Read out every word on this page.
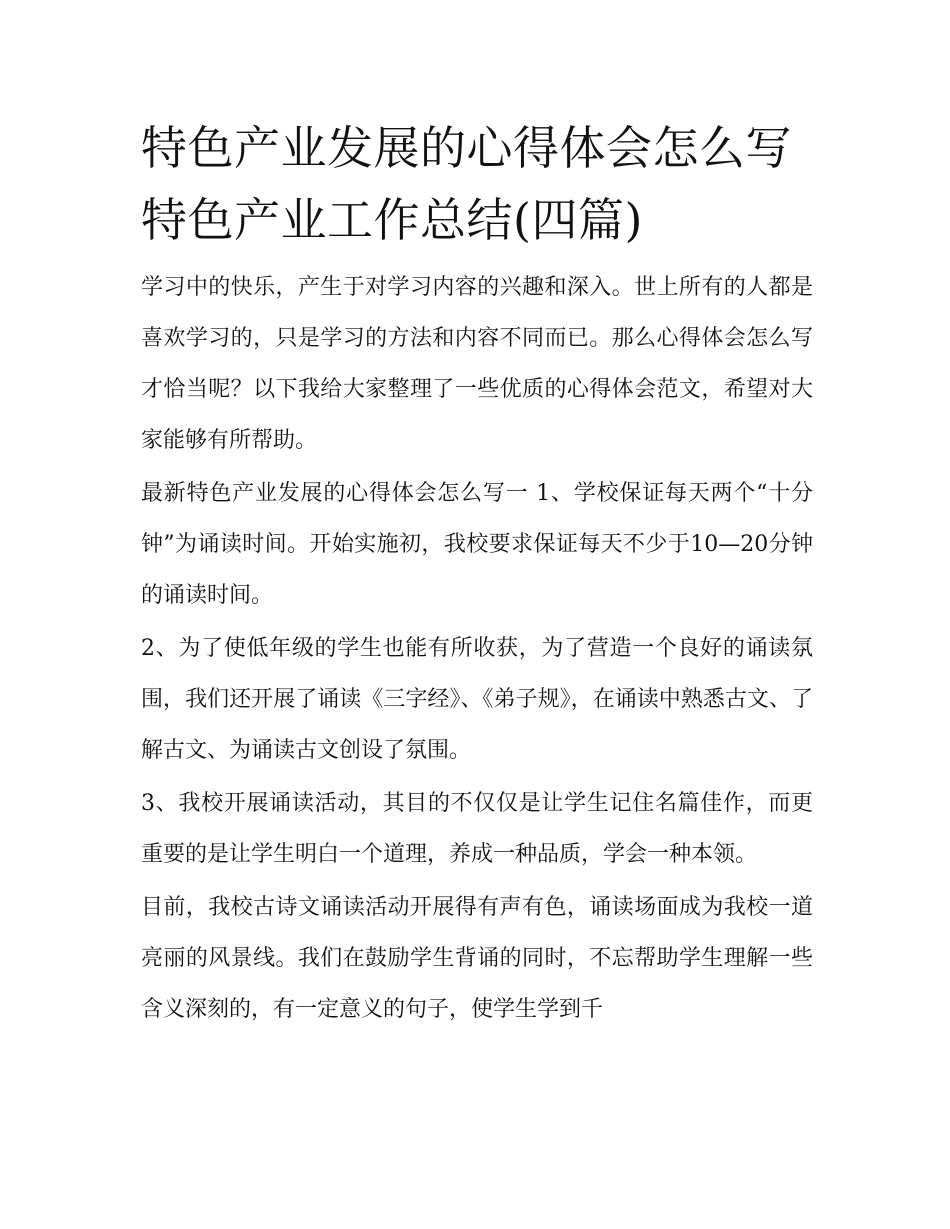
特色产业发展的心得体会怎么写 特色产业工作总结(四篇)

学习中的快乐，产生于对学习内容的兴趣和深入。世上所有的人都是喜欢学习的，只是学习的方法和内容不同而已。那么心得体会怎么写才恰当呢？以下我给大家整理了一些优质的心得体会范文，希望对大家能够有所帮助。

最新特色产业发展的心得体会怎么写一 1、学校保证每天两个“十分钟”为诵读时间。开始实施初，我校要求保证每天不少于10—20分钟的诵读时间。

2、为了使低年级的学生也能有所收获，为了营造一个良好的诵读氛围，我们还开展了诵读《三字经》、《弟子规》，在诵读中熟悉古文、了解古文、为诵读古文创设了氛围。

3、我校开展诵读活动，其目的不仅仅是让学生记住名篇佳作，而更重要的是让学生明白一个道理，养成一种品质，学会一种本领。

目前，我校古诗文诵读活动开展得有声有色，诵读场面成为我校一道亮丽的风景线。我们在鼓励学生背诵的同时，不忘帮助学生理解一些含义深刻的，有一定意义的句子，使学生学到千
